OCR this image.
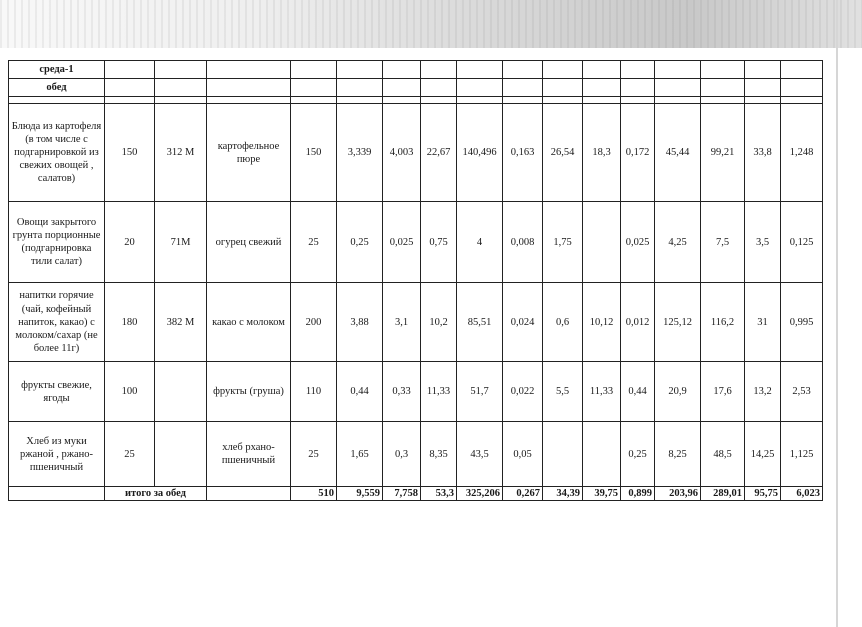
среда-1																
обед																

Блюда из картофеля (в том числе с подгарнировкой из свежих овощей , салатов)	150	312 М	картофельное пюре	150	3,339	4,003	22,67	140,496	0,163	26,54	18,3	0,172	45,44	99,21	33,8	1,248
Овощи закрытого грунта порционные (подгарнировка тили салат)	20	71М	огурец свежий	25	0,25	0,025	0,75	4	0,008	1,75		0,025	4,25	7,5	3,5	0,125
напитки горячие (чай, кофейный напиток, какао) с молоком/сахар (не более 11г)	180	382 М	какао с молоком	200	3,88	3,1	10,2	85,51	0,024	0,6	10,12	0,012	125,12	116,2	31	0,995
фрукты свежие, ягоды	100		фрукты (груша)	110	0,44	0,33	11,33	51,7	0,022	5,5	11,33	0,44	20,9	17,6	13,2	2,53
Хлеб из муки ржаной , ржано-пшеничный	25		хлеб рхано-пшеничный	25	1,65	0,3	8,35	43,5	0,05			0,25	8,25	48,5	14,25	1,125
	итого за обед			510	9,559	7,758	53,3	325,206	0,267	34,39	39,75	0,899	203,96	289,01	95,75	6,023
